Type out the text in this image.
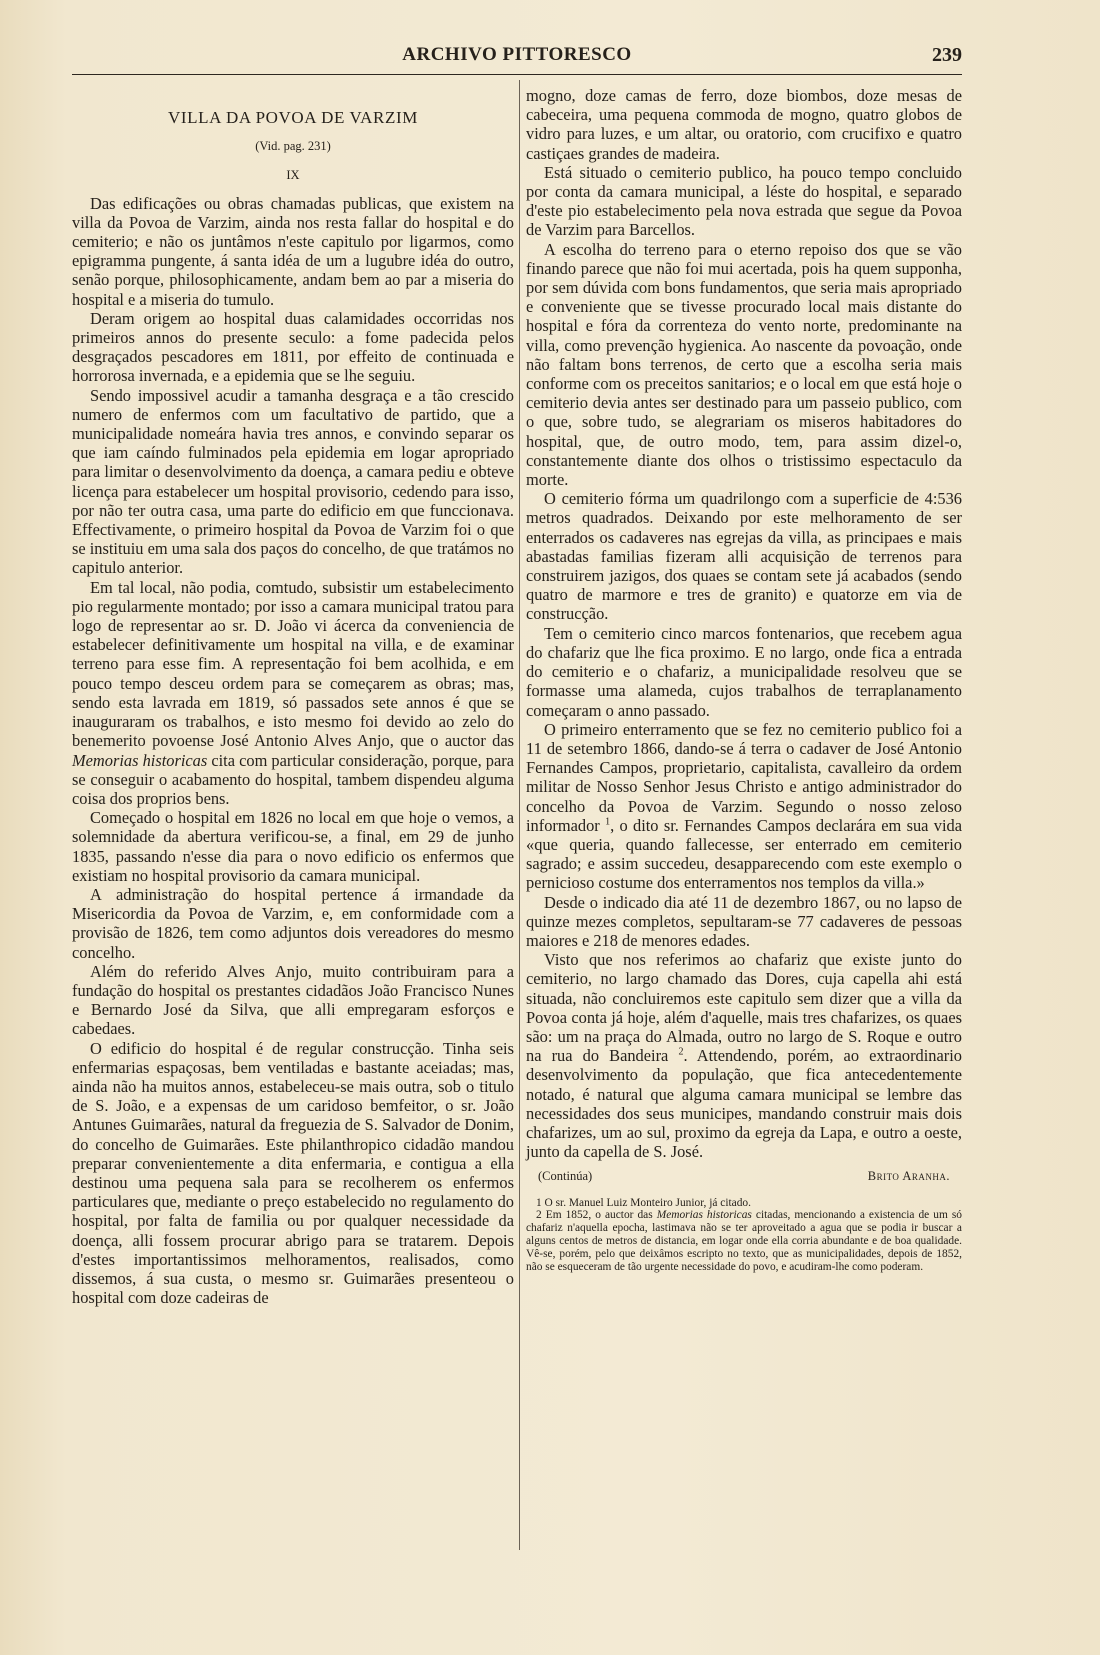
ARCHIVO PITTORESCO	239
VILLA DA POVOA DE VARZIM
(Vid. pag. 231)
IX

Das edificações ou obras chamadas publicas, que existem na villa da Povoa de Varzim, ainda nos resta fallar do hospital e do cemiterio; e não os juntâmos n'este capitulo por ligarmos, como epigramma pungente, á santa idéa de um a lugubre idéa do outro, senão porque, philosophicamente, andam bem ao par a miseria do hospital e a miseria do tumulo.

Deram origem ao hospital duas calamidades occorridas nos primeiros annos do presente seculo: a fome padecida pelos desgraçados pescadores em 1811, por effeito de continuada e horrorosa invernada, e a epidemia que se lhe seguiu.

Sendo impossivel acudir a tamanha desgraça e a tão crescido numero de enfermos com um facultativo de partido, que a municipalidade nomeára havia tres annos, e convindo separar os que iam caíndo fulminados pela epidemia em logar apropriado para limitar o desenvolvimento da doença, a camara pediu e obteve licença para estabelecer um hospital provisorio, cedendo para isso, por não ter outra casa, uma parte do edificio em que funccionava. Effectivamente, o primeiro hospital da Povoa de Varzim foi o que se instituiu em uma sala dos paços do concelho, de que tratámos no capitulo anterior.

Em tal local, não podia, comtudo, subsistir um estabelecimento pio regularmente montado; por isso a camara municipal tratou para logo de representar ao sr. D. João vi ácerca da conveniencia de estabelecer definitivamente um hospital na villa, e de examinar terreno para esse fim. A representação foi bem acolhida, e em pouco tempo desceu ordem para se começarem as obras; mas, sendo esta lavrada em 1819, só passados sete annos é que se inauguraram os trabalhos, e isto mesmo foi devido ao zelo do benemerito povoense José Antonio Alves Anjo, que o auctor das Memorias historicas cita com particular consideração, porque, para se conseguir o acabamento do hospital, tambem dispendeu alguma coisa dos proprios bens.

Começado o hospital em 1826 no local em que hoje o vemos, a solemnidade da abertura verificou-se, a final, em 29 de junho 1835, passando n'esse dia para o novo edificio os enfermos que existiam no hospital provisorio da camara municipal.

A administração do hospital pertence á irmandade da Misericordia da Povoa de Varzim, e, em conformidade com a provisão de 1826, tem como adjuntos dois vereadores do mesmo concelho.

Além do referido Alves Anjo, muito contribuiram para a fundação do hospital os prestantes cidadãos João Francisco Nunes e Bernardo José da Silva, que alli empregaram esforços e cabedaes.

O edificio do hospital é de regular construcção. Tinha seis enfermarias espaçosas, bem ventiladas e bastante aceiadas; mas, ainda não ha muitos annos, estabeleceu-se mais outra, sob o titulo de S. João, e a expensas de um caridoso bemfeitor, o sr. João Antunes Guimarães, natural da freguezia de S. Salvador de Donim, do concelho de Guimarães. Este philanthropico cidadão mandou preparar convenientemente a dita enfermaria, e contigua a ella destinou uma pequena sala para se recolherem os enfermos particulares que, mediante o preço estabelecido no regulamento do hospital, por falta de familia ou por qualquer necessidade da doença, alli fossem procurar abrigo para se tratarem. Depois d'estes importantissimos melhoramentos, realisados, como dissemos, á sua custa, o mesmo sr. Guimarães presenteou o hospital com doze cadeiras de

mogno, doze camas de ferro, doze biombos, doze mesas de cabeceira, uma pequena commoda de mogno, quatro globos de vidro para luzes, e um altar, ou oratorio, com crucifixo e quatro castiçaes grandes de madeira.

Está situado o cemiterio publico, ha pouco tempo concluido por conta da camara municipal, a léste do hospital, e separado d'este pio estabelecimento pela nova estrada que segue da Povoa de Varzim para Barcellos.

A escolha do terreno para o eterno repoiso dos que se vão finando parece que não foi mui acertada, pois ha quem supponha, por sem dúvida com bons fundamentos, que seria mais apropriado e conveniente que se tivesse procurado local mais distante do hospital e fóra da correnteza do vento norte, predominante na villa, como prevenção hygienica. Ao nascente da povoação, onde não faltam bons terrenos, de certo que a escolha seria mais conforme com os preceitos sanitarios; e o local em que está hoje o cemiterio devia antes ser destinado para um passeio publico, com o que, sobre tudo, se alegrariam os miseros habitadores do hospital, que, de outro modo, tem, para assim dizel-o, constantemente diante dos olhos o tristissimo espectaculo da morte.

O cemiterio fórma um quadrilongo com a superficie de 4:536 metros quadrados. Deixando por este melhoramento de ser enterrados os cadaveres nas egrejas da villa, as principaes e mais abastadas familias fizeram alli acquisição de terrenos para construirem jazigos, dos quaes se contam sete já acabados (sendo quatro de marmore e tres de granito) e quatorze em via de construcção.

Tem o cemiterio cinco marcos fontenarios, que recebem agua do chafariz que lhe fica proximo. E no largo, onde fica a entrada do cemiterio e o chafariz, a municipalidade resolveu que se formasse uma alameda, cujos trabalhos de terraplanamento começaram o anno passado.

O primeiro enterramento que se fez no cemiterio publico foi a 11 de setembro 1866, dando-se á terra o cadaver de José Antonio Fernandes Campos, proprietario, capitalista, cavalleiro da ordem militar de Nosso Senhor Jesus Christo e antigo administrador do concelho da Povoa de Varzim. Segundo o nosso zeloso informador $^1$, o dito sr. Fernandes Campos declarára em sua vida «que queria, quando fallecesse, ser enterrado em cemiterio sagrado; e assim succedeu, desapparecendo com este exemplo o pernicioso costume dos enterramentos nos templos da villa.»

Desde o indicado dia até 11 de dezembro 1867, ou no lapso de quinze mezes completos, sepultaram-se 77 cadaveres de pessoas maiores e 218 de menores edades.

Visto que nos referimos ao chafariz que existe junto do cemiterio, no largo chamado das Dores, cuja capella ahi está situada, não concluiremos este capitulo sem dizer que a villa da Povoa conta já hoje, além d'aquelle, mais tres chafarizes, os quaes são: um na praça do Almada, outro no largo de S. Roque e outro na rua do Bandeira $^2$. Attendendo, porém, ao extraordinario desenvolvimento da população, que fica antecedentemente notado, é natural que alguma camara municipal se lembre das necessidades dos seus municipes, mandando construir mais dois chafarizes, um ao sul, proximo da egreja da Lapa, e outro a oeste, junto da capella de S. José.

(Continúa)	Brito Aranha.

1 O sr. Manuel Luiz Monteiro Junior, já citado.

2 Em 1852, o auctor das Memorias historicas citadas, mencionando a existencia de um só chafariz n'aquella epocha, lastimava não se ter aproveitado a agua que se podia ir buscar a alguns centos de metros de distancia, em logar onde ella corria abundante e de boa qualidade. Vê-se, porém, pelo que deixâmos escripto no texto, que as municipalidades, depois de 1852, não se esqueceram de tão urgente necessidade do povo, e acudiram-lhe como poderam.
